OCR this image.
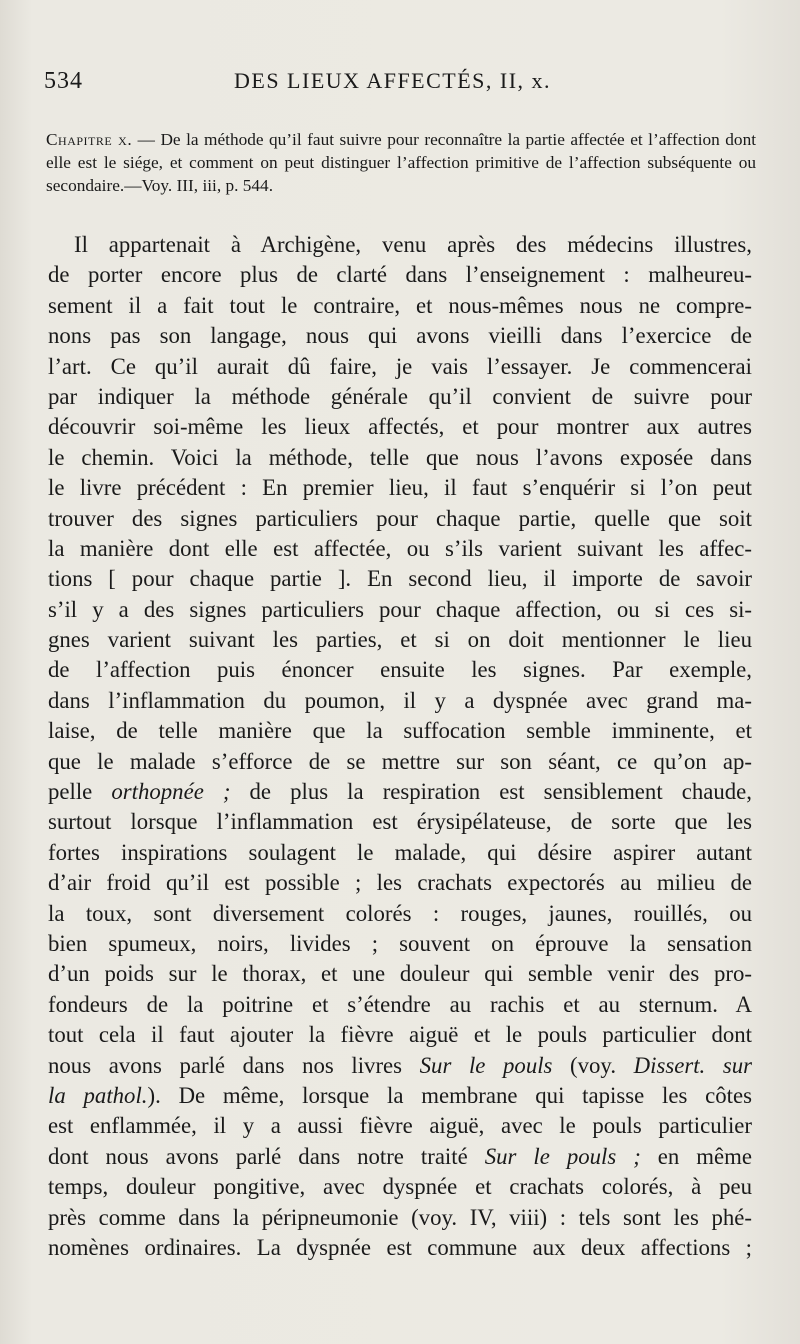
534	DES LIEUX AFFECTÉS, II, x.
Chapitre x. — De la méthode qu’il faut suivre pour reconnaître la partie affectée et l’affection dont elle est le siége, et comment on peut distinguer l’affection primitive de l’affection subséquente ou secondaire.—Voy. III, iii, p. 544.
Il appartenait à Archigène, venu après des médecins illustres,
de porter encore plus de clarté dans l’enseignement : malheureu-
sement il a fait tout le contraire, et nous-mêmes nous ne compre-
nons pas son langage, nous qui avons vieilli dans l’exercice de
l’art. Ce qu’il aurait dû faire, je vais l’essayer. Je commencerai
par indiquer la méthode générale qu’il convient de suivre pour
découvrir soi-même les lieux affectés, et pour montrer aux autres
le chemin. Voici la méthode, telle que nous l’avons exposée dans
le livre précédent : En premier lieu, il faut s’enquérir si l’on peut
trouver des signes particuliers pour chaque partie, quelle que soit
la manière dont elle est affectée, ou s’ils varient suivant les affec-
tions [ pour chaque partie ]. En second lieu, il importe de savoir
s’il y a des signes particuliers pour chaque affection, ou si ces si-
gnes varient suivant les parties, et si on doit mentionner le lieu
de l’affection puis énoncer ensuite les signes. Par exemple,
dans l’inflammation du poumon, il y a dyspnée avec grand ma-
laise, de telle manière que la suffocation semble imminente, et
que le malade s’efforce de se mettre sur son séant, ce qu’on ap-
pelle orthopnée ; de plus la respiration est sensiblement chaude,
surtout lorsque l’inflammation est érysipélateuse, de sorte que les
fortes inspirations soulagent le malade, qui désire aspirer autant
d’air froid qu’il est possible ; les crachats expectorés au milieu de
la toux, sont diversement colorés : rouges, jaunes, rouillés, ou
bien spumeux, noirs, livides ; souvent on éprouve la sensation
d’un poids sur le thorax, et une douleur qui semble venir des pro-
fondeurs de la poitrine et s’étendre au rachis et au sternum. A
tout cela il faut ajouter la fièvre aiguë et le pouls particulier dont
nous avons parlé dans nos livres Sur le pouls (voy. Dissert. sur
la pathol.). De même, lorsque la membrane qui tapisse les côtes
est enflammée, il y a aussi fièvre aiguë, avec le pouls particulier
dont nous avons parlé dans notre traité Sur le pouls ; en même
temps, douleur pongitive, avec dyspnée et crachats colorés, à peu
près comme dans la péripneumonie (voy. IV, viii) : tels sont les phé-
nomènes ordinaires. La dyspnée est commune aux deux affections ;
